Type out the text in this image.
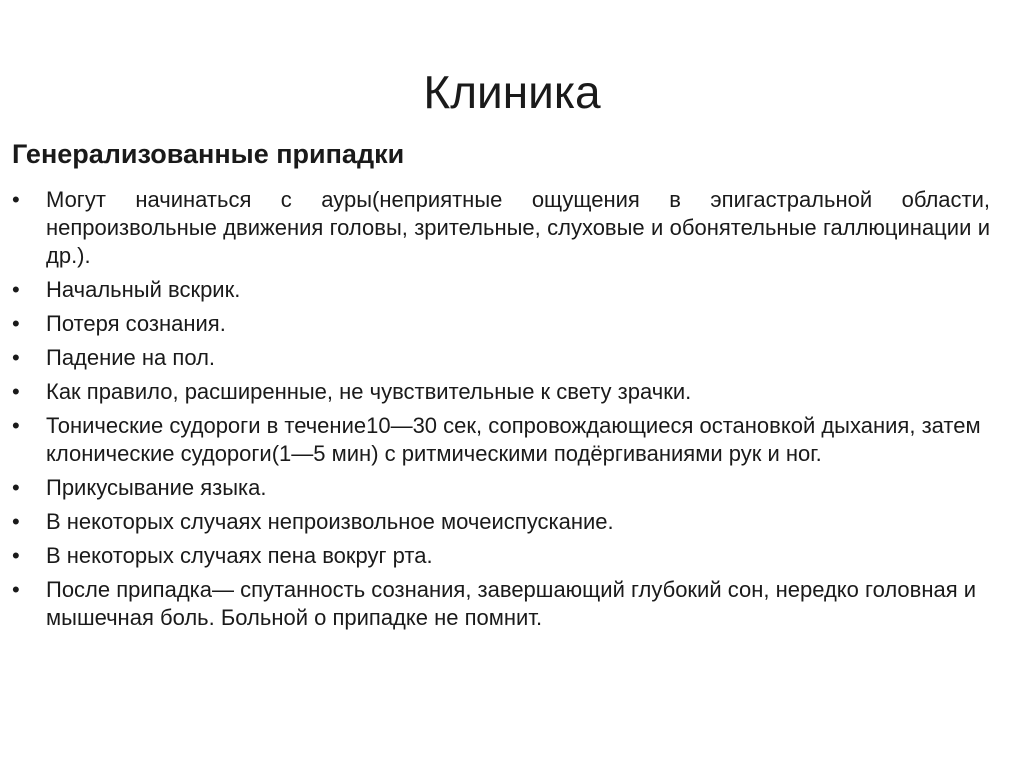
Клиника
Генерализованные припадки
•	Могут начинаться с ауры(неприятные ощущения в эпигастральной области, непроизвольные движения головы, зрительные, слуховые и обонятельные галлюцинации и др.).
•	Начальный вскрик.
•	Потеря сознания.
•	Падение на пол.
•	Как правило, расширенные, не чувствительные к свету зрачки.
•	Тонические судороги в течение10—30 сек, сопровождающиеся остановкой дыхания, затем клонические судороги(1—5 мин) с ритмическими подёргиваниями рук и ног.
•	Прикусывание языка.
•	В некоторых случаях непроизвольное мочеиспускание.
•	В некоторых случаях пена вокруг рта.
•	После припадка— спутанность сознания, завершающий глубокий сон, нередко головная и мышечная боль. Больной о припадке не помнит.
